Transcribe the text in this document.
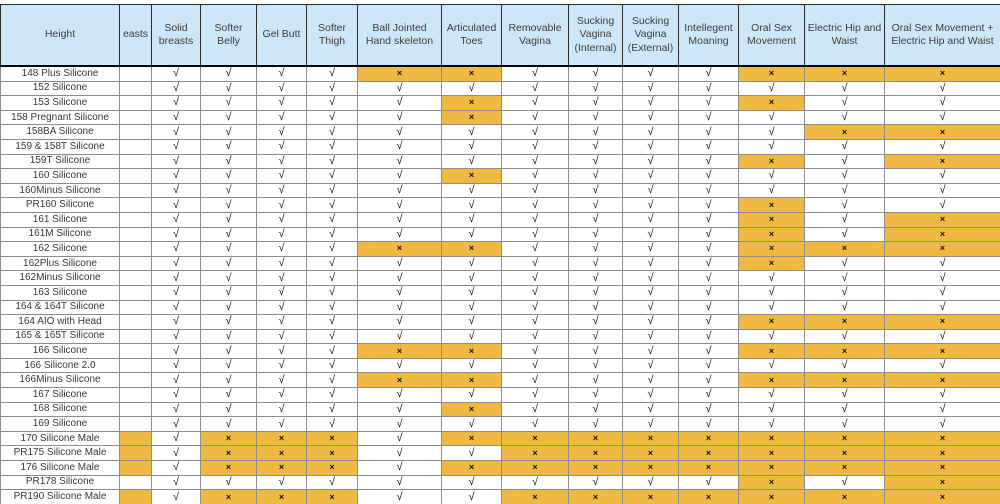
Height	easts	Solid breasts	Softer Belly	Gel Butt	Softer Thigh	Ball Jointed Hand skeleton	Articulated Toes	Removable Vagina	Sucking Vagina (Internal)	Sucking Vagina (External)	Intellegent Moaning	Oral Sex Movement	Electric Hip and Waist	Oral Sex Movement + Electric Hip and Waist
148 Plus Silicone		√	√	√	√	×	×	√	√	√	√	×	×	×
152 Silicone		√	√	√	√	√	√	√	√	√	√	√	√	√
153 Silicone		√	√	√	√	√	×	√	√	√	√	×	√	√
158 Pregnant Silicone		√	√	√	√	√	×	√	√	√	√	√	√	√
158BA Silicone		√	√	√	√	√	√	√	√	√	√	√	×	×
159 & 158T Silicone		√	√	√	√	√	√	√	√	√	√	√	√	√
159T Silicone		√	√	√	√	√	√	√	√	√	√	×	√	×
160 Silicone		√	√	√	√	√	×	√	√	√	√	√	√	√
160Minus Silicone		√	√	√	√	√	√	√	√	√	√	√	√	√
PR160 Silicone		√	√	√	√	√	√	√	√	√	√	×	√	√
161 Silicone		√	√	√	√	√	√	√	√	√	√	×	√	×
161M Silicone		√	√	√	√	√	√	√	√	√	√	×	√	×
162 Silicone		√	√	√	√	×	×	√	√	√	√	×	×	×
162Plus Silicone		√	√	√	√	√	√	√	√	√	√	×	√	√
162Minus Silicone		√	√	√	√	√	√	√	√	√	√	√	√	√
163 Silicone		√	√	√	√	√	√	√	√	√	√	√	√	√
164 & 164T Silicone		√	√	√	√	√	√	√	√	√	√	√	√	√
164 AIO with Head		√	√	√	√	√	√	√	√	√	√	×	×	×
165 & 165T Silicone		√	√	√	√	√	√	√	√	√	√	√	√	√
166 Silicone		√	√	√	√	×	×	√	√	√	√	×	×	×
166 Silicone 2.0		√	√	√	√	√	√	√	√	√	√	√	√	√
166Minus Silicone		√	√	√	√	×	×	√	√	√	√	×	×	×
167 Silicone		√	√	√	√	√	√	√	√	√	√	√	√	√
168 Silicone		√	√	√	√	√	×	√	√	√	√	√	√	√
169 Silicone		√	√	√	√	√	√	√	√	√	√	√	√	√
170 Silicone Male		√	×	×	×	√	×	×	×	×	×	×	×	×
PR175 Silicone Male		√	×	×	×	√	√	×	×	×	×	×	×	×
176 Silicone Male		√	×	×	×	√	×	×	×	×	×	×	×	×
PR178 Silicone		√	√	√	√	√	√	√	√	√	√	×	√	×
PR190 Silicone Male		√	×	×	×	√	√	×	×	×	×	×	×	×
